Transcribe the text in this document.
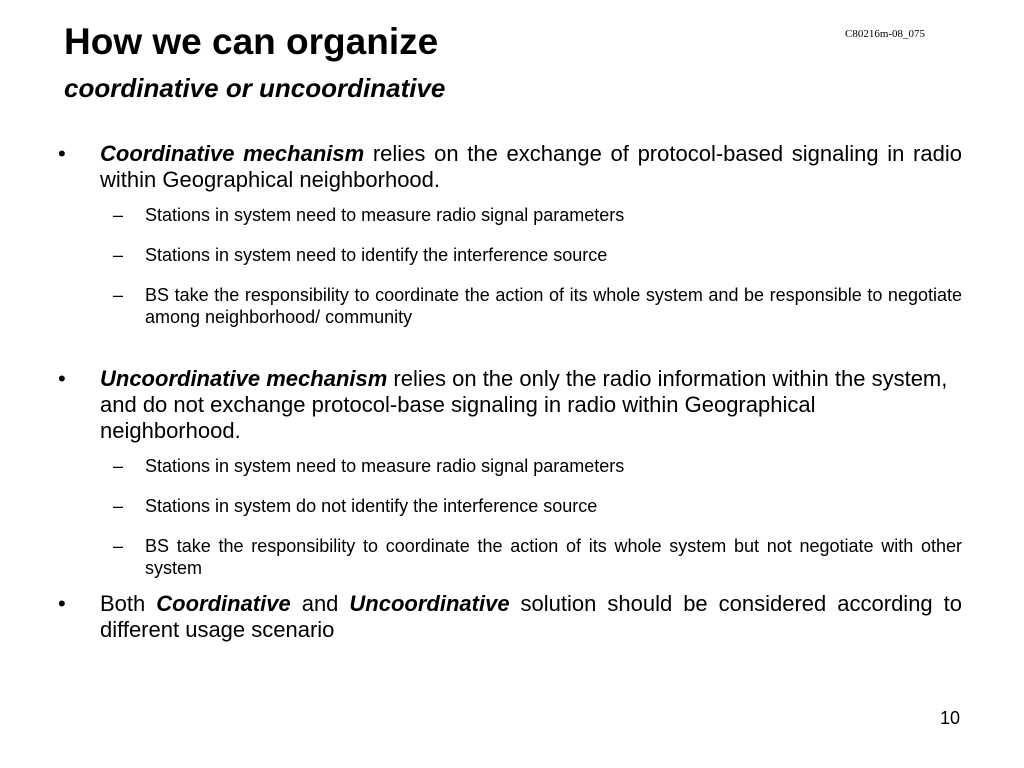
C80216m-08_075
How we can organize
coordinative or uncoordinative
•	Coordinative mechanism relies on the exchange of protocol-based signaling in radio within Geographical neighborhood.
– Stations in system need to measure radio signal parameters
– Stations in system need to identify the interference source
– BS take the responsibility to coordinate the action of its whole system and be responsible to negotiate among neighborhood/ community
•	Uncoordinative mechanism relies on the only the radio information within the system, and do not exchange protocol-base signaling in radio within Geographical neighborhood.
– Stations in system need to measure radio signal parameters
– Stations in system do not identify the interference source
– BS take the responsibility to coordinate the action of its whole system but not negotiate with other system
•	Both Coordinative and Uncoordinative solution should be considered according to different usage scenario
10
